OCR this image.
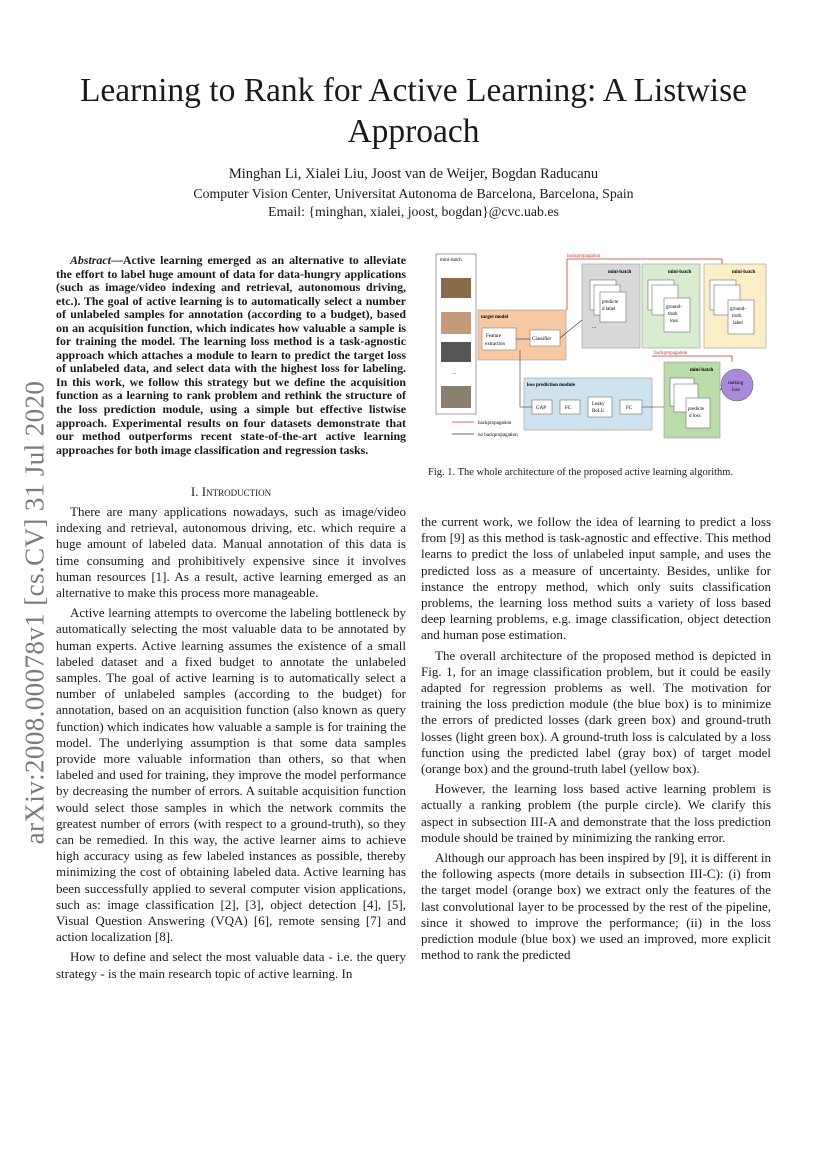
Learning to Rank for Active Learning: A Listwise Approach
Minghan Li, Xialei Liu, Joost van de Weijer, Bogdan Raducanu
Computer Vision Center, Universitat Autonoma de Barcelona, Barcelona, Spain
Email: {minghan, xialei, joost, bogdan}@cvc.uab.es
arXiv:2008.00078v1 [cs.CV] 31 Jul 2020

Abstract—Active learning emerged as an alternative to alleviate the effort to label huge amount of data for data-hungry applications (such as image/video indexing and retrieval, autonomous driving, etc.). The goal of active learning is to automatically select a number of unlabeled samples for annotation (according to a budget), based on an acquisition function, which indicates how valuable a sample is for training the model. The learning loss method is a task-agnostic approach which attaches a module to learn to predict the target loss of unlabeled data, and select data with the highest loss for labeling. In this work, we follow this strategy but we define the acquisition function as a learning to rank problem and rethink the structure of the loss prediction module, using a simple but effective listwise approach. Experimental results on four datasets demonstrate that our method outperforms recent state-of-the-art active learning approaches for both image classification and regression tasks.

I. Introduction

There are many applications nowadays, such as image/video indexing and retrieval, autonomous driving, etc. which require a huge amount of labeled data. Manual annotation of this data is time consuming and prohibitively expensive since it involves human resources [1]. As a result, active learning emerged as an alternative to make this process more manageable.

Active learning attempts to overcome the labeling bottleneck by automatically selecting the most valuable data to be annotated by human experts. Active learning assumes the existence of a small labeled dataset and a fixed budget to annotate the unlabeled samples. The goal of active learning is to automatically select a number of unlabeled samples (according to the budget) for annotation, based on an acquisition function (also known as query function) which indicates how valuable a sample is for training the model. The underlying assumption is that some data samples provide more valuable information than others, so that when labeled and used for training, they improve the model performance by decreasing the number of errors. A suitable acquisition function would select those samples in which the network commits the greatest number of errors (with respect to a ground-truth), so they can be remedied. In this way, the active learner aims to achieve high accuracy using as few labeled instances as possible, thereby minimizing the cost of obtaining labeled data. Active learning has been successfully applied to several computer vision applications, such as: image classification [2], [3], object detection [4], [5], Visual Question Answering (VQA) [6], remote sensing [7] and action localization [8].

How to define and select the most valuable data - i.e. the query strategy - is the main research topic of active learning. In

mini-batch
...
backpropagation
target model
Feature
extraction
Classifier
mini-batch
predicte
d label
...
mini-batch
ground-
truth
loss
mini-batch
ground-
truth
label
loss prediction module
GAP	FC
Leaky
ReLU
FC
backpropagation
mini-batch
predicte
d loss
ranking
loss
backpropagation
no backpropagation
Fig. 1. The whole architecture of the proposed active learning algorithm.

the current work, we follow the idea of learning to predict a loss from [9] as this method is task-agnostic and effective. This method learns to predict the loss of unlabeled input sample, and uses the predicted loss as a measure of uncertainty. Besides, unlike for instance the entropy method, which only suits classification problems, the learning loss method suits a variety of loss based deep learning problems, e.g. image classification, object detection and human pose estimation.

The overall architecture of the proposed method is depicted in Fig. 1, for an image classification problem, but it could be easily adapted for regression problems as well. The motivation for training the loss prediction module (the blue box) is to minimize the errors of predicted losses (dark green box) and ground-truth losses (light green box). A ground-truth loss is calculated by a loss function using the predicted label (gray box) of target model (orange box) and the ground-truth label (yellow box).

However, the learning loss based active learning problem is actually a ranking problem (the purple circle). We clarify this aspect in subsection III-A and demonstrate that the loss prediction module should be trained by minimizing the ranking error.

Although our approach has been inspired by [9], it is different in the following aspects (more details in subsection III-C): (i) from the target model (orange box) we extract only the features of the last convolutional layer to be processed by the rest of the pipeline, since it showed to improve the performance; (ii) in the loss prediction module (blue box) we used an improved, more explicit method to rank the predicted
